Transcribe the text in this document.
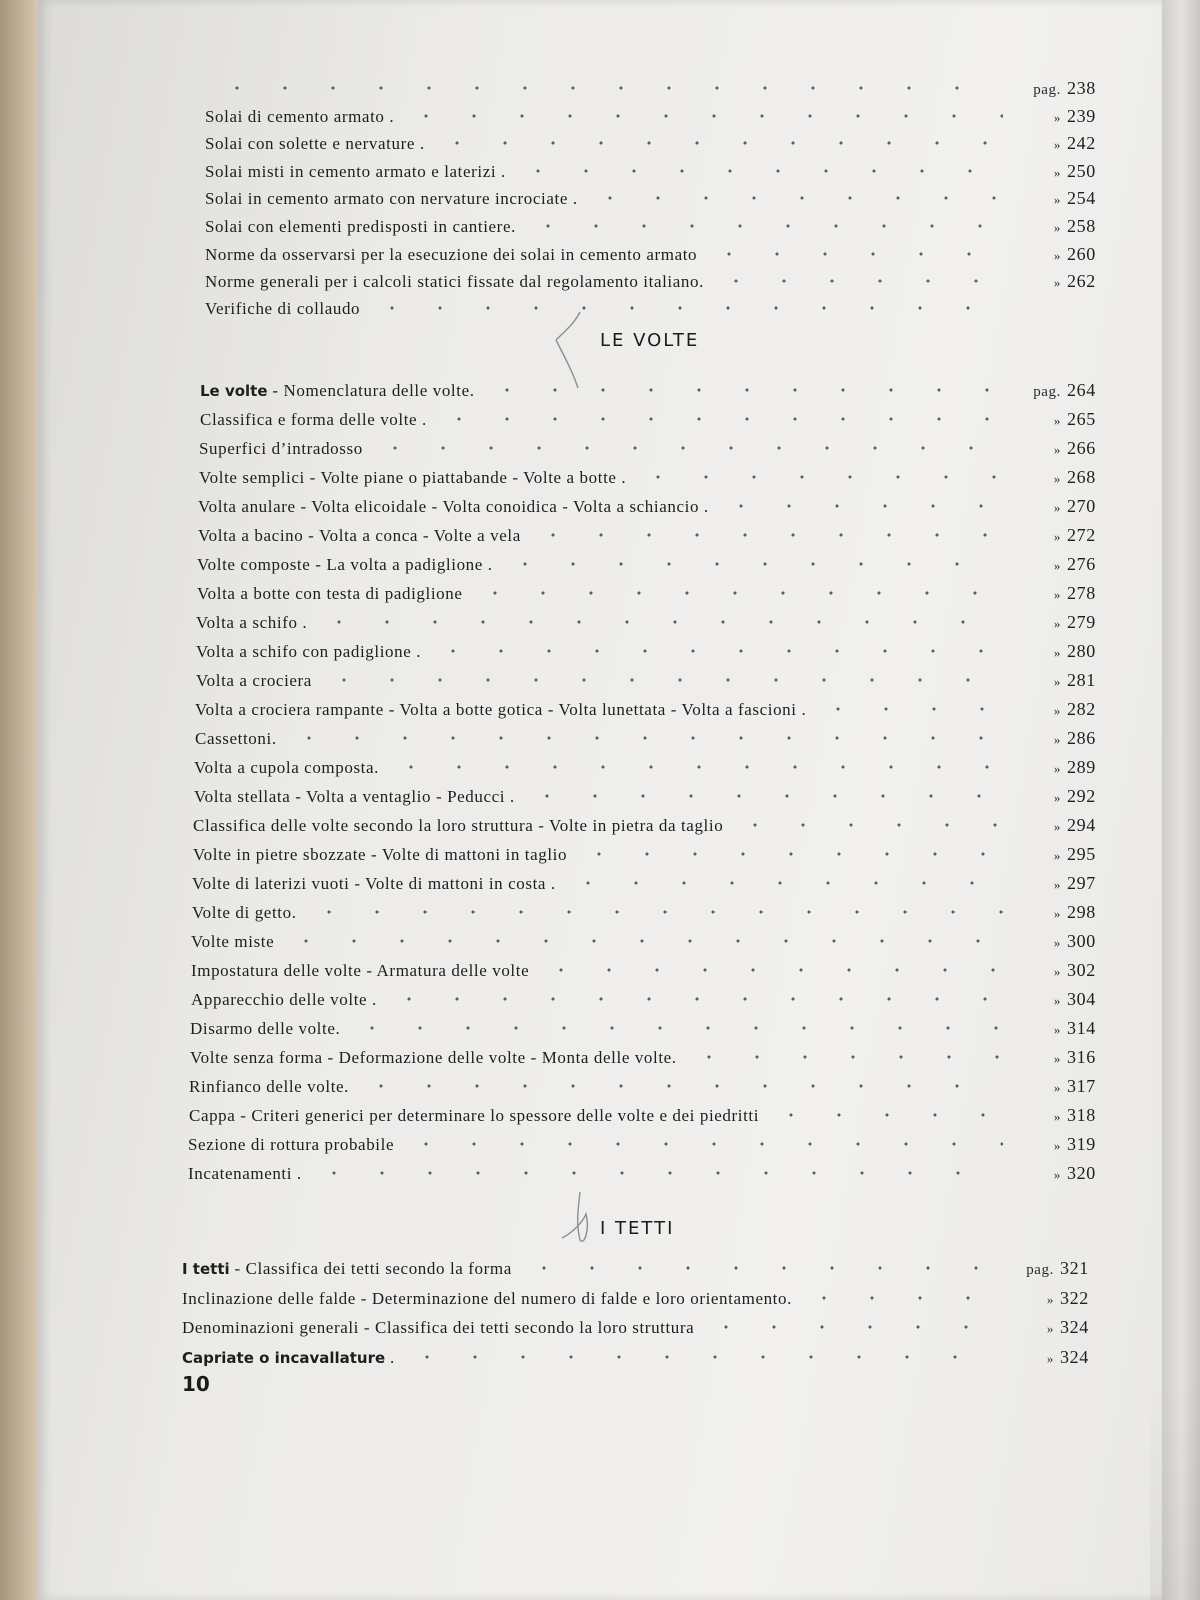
LE VOLTE
I TETTI
10
pag. 238
Solai di cemento armato .	» 239
Solai con solette e nervature .	» 242
Solai misti in cemento armato e laterizi .	» 250
Solai in cemento armato con nervature incrociate .	» 254
Solai con elementi predisposti in cantiere.	» 258
Norme da osservarsi per la esecuzione dei solai in cemento armato	» 260
Norme generali per i calcoli statici fissate dal regolamento italiano.	» 262
Verifiche di collaudo
Le volte - Nomenclatura delle volte.	pag. 264
Classifica e forma delle volte .	» 265
Superfici d’intradosso	» 266
Volte semplici - Volte piane o piattabande - Volte a botte .	» 268
Volta anulare - Volta elicoidale - Volta conoidica - Volta a schiancio .	» 270
Volta a bacino - Volta a conca - Volte a vela	» 272
Volte composte - La volta a padiglione .	» 276
Volta a botte con testa di padiglione	» 278
Volta a schifo .	» 279
Volta a schifo con padiglione .	» 280
Volta a crociera	» 281
Volta a crociera rampante - Volta a botte gotica - Volta lunettata - Volta a fascioni .	» 282
Cassettoni.	» 286
Volta a cupola composta.	» 289
Volta stellata - Volta a ventaglio - Peducci .	» 292
Classifica delle volte secondo la loro struttura - Volte in pietra da taglio	» 294
Volte in pietre sbozzate - Volte di mattoni in taglio	» 295
Volte di laterizi vuoti - Volte di mattoni in costa .	» 297
Volte di getto.	» 298
Volte miste	» 300
Impostatura delle volte - Armatura delle volte	» 302
Apparecchio delle volte .	» 304
Disarmo delle volte.	» 314
Volte senza forma - Deformazione delle volte - Monta delle volte.	» 316
Rinfianco delle volte.	» 317
Cappa - Criteri generici per determinare lo spessore delle volte e dei piedritti	» 318
Sezione di rottura probabile	» 319
Incatenamenti .	» 320
I tetti - Classifica dei tetti secondo la forma	pag. 321
Inclinazione delle falde - Determinazione del numero di falde e loro orientamento.	» 322
Denominazioni generali - Classifica dei tetti secondo la loro struttura	» 324
Capriate o incavallature .	» 324
